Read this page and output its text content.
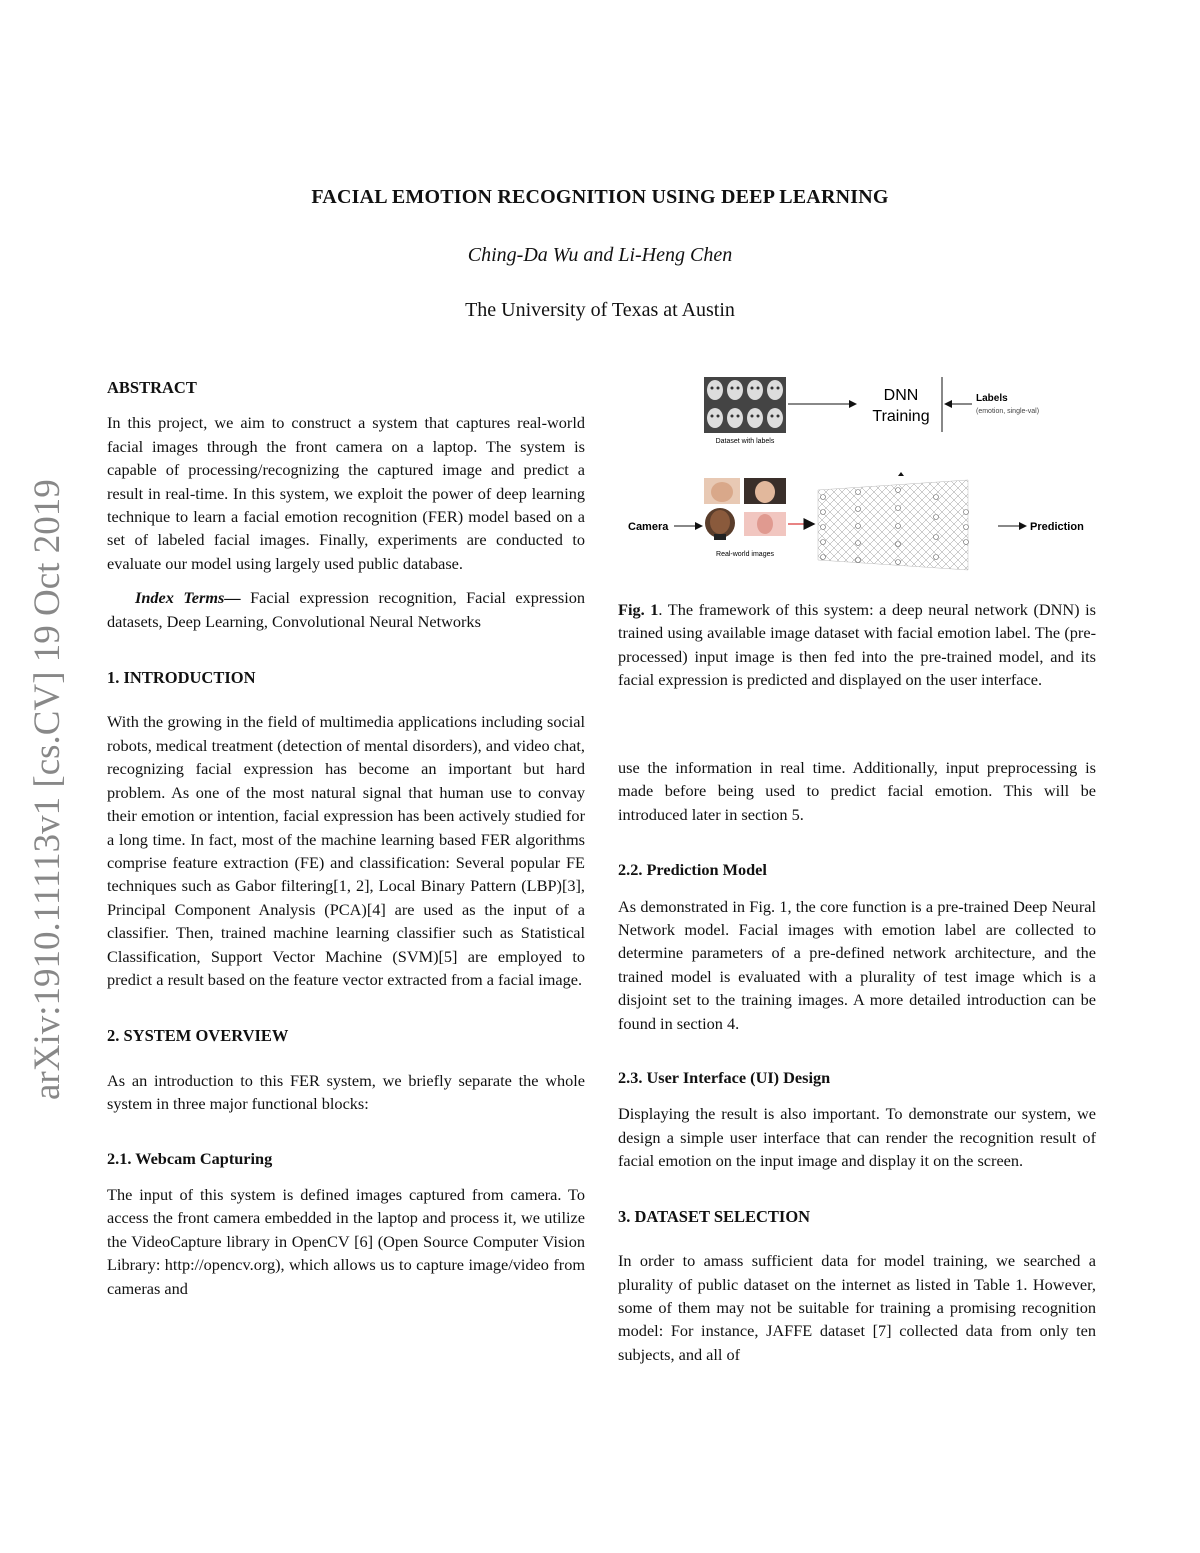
FACIAL EMOTION RECOGNITION USING DEEP LEARNING
Ching-Da Wu and Li-Heng Chen
The University of Texas at Austin
arXiv:1910.11113v1 [cs.CV] 19 Oct 2019

ABSTRACT

In this project, we aim to construct a system that captures real-world facial images through the front camera on a laptop. The system is capable of processing/recognizing the captured image and predict a result in real-time. In this system, we exploit the power of deep learning technique to learn a facial emotion recognition (FER) model based on a set of labeled facial images. Finally, experiments are conducted to evaluate our model using largely used public database.

Index Terms— Facial expression recognition, Facial expression datasets, Deep Learning, Convolutional Neural Networks

1. INTRODUCTION

With the growing in the field of multimedia applications including social robots, medical treatment (detection of mental disorders), and video chat, recognizing facial expression has become an important but hard problem. As one of the most natural signal that human use to convay their emotion or intention, facial expression has been actively studied for a long time. In fact, most of the machine learning based FER algorithms comprise feature extraction (FE) and classification: Several popular FE techniques such as Gabor filtering[1, 2], Local Binary Pattern (LBP)[3], Principal Component Analysis (PCA)[4] are used as the input of a classifier. Then, trained machine learning classifier such as Statistical Classification, Support Vector Machine (SVM)[5] are employed to predict a result based on the feature vector extracted from a facial image.

2. SYSTEM OVERVIEW

As an introduction to this FER system, we briefly separate the whole system in three major functional blocks:

2.1. Webcam Capturing

The input of this system is defined images captured from camera. To access the front camera embedded in the laptop and process it, we utilize the VideoCapture library in OpenCV [6] (Open Source Computer Vision Library: http://opencv.org), which allows us to capture image/video from cameras and

Dataset with labels
DNN
Training
Labels
(emotion, single-val)
Real-world images
Camera	Prediction
Fig. 1. The framework of this system: a deep neural network (DNN) is trained using available image dataset with facial emotion label. The (pre-processed) input image is then fed into the pre-trained model, and its facial expression is predicted and displayed on the user interface.

use the information in real time. Additionally, input preprocessing is made before being used to predict facial emotion. This will be introduced later in section 5.

2.2. Prediction Model

As demonstrated in Fig. 1, the core function is a pre-trained Deep Neural Network model. Facial images with emotion label are collected to determine parameters of a pre-defined network architecture, and the trained model is evaluated with a plurality of test image which is a disjoint set to the training images. A more detailed introduction can be found in section 4.

2.3. User Interface (UI) Design

Displaying the result is also important. To demonstrate our system, we design a simple user interface that can render the recognition result of facial emotion on the input image and display it on the screen.

3. DATASET SELECTION

In order to amass sufficient data for model training, we searched a plurality of public dataset on the internet as listed in Table 1. However, some of them may not be suitable for training a promising recognition model: For instance, JAFFE dataset [7] collected data from only ten subjects, and all of
